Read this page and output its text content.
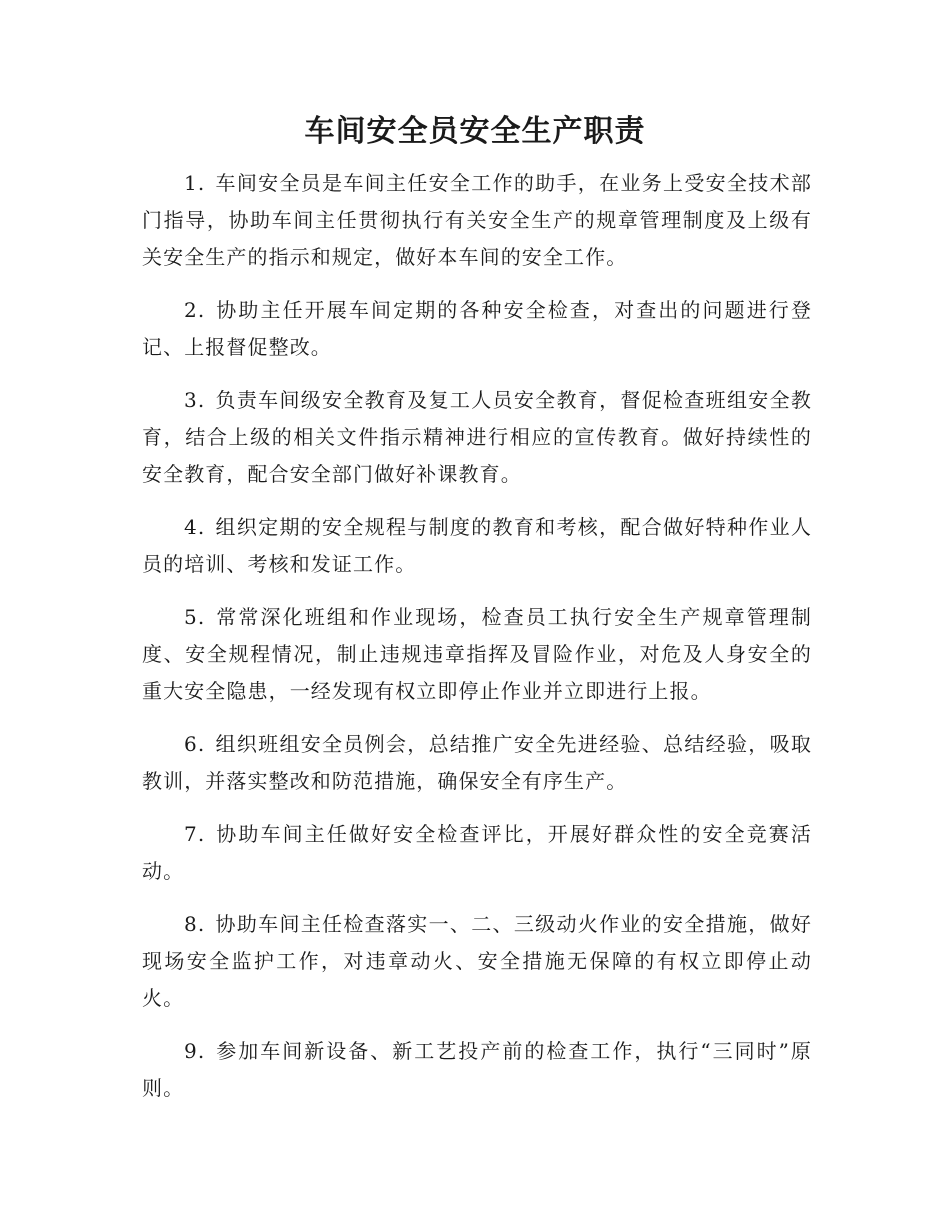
车间安全员安全生产职责

1. 车间安全员是车间主任安全工作的助手，在业务上受安全技术部门指导，协助车间主任贯彻执行有关安全生产的规章管理制度及上级有关安全生产的指示和规定，做好本车间的安全工作。

2. 协助主任开展车间定期的各种安全检查，对查出的问题进行登记、上报督促整改。

3. 负责车间级安全教育及复工人员安全教育，督促检查班组安全教育，结合上级的相关文件指示精神进行相应的宣传教育。做好持续性的安全教育，配合安全部门做好补课教育。

4. 组织定期的安全规程与制度的教育和考核，配合做好特种作业人员的培训、考核和发证工作。

5. 常常深化班组和作业现场，检查员工执行安全生产规章管理制度、安全规程情况，制止违规违章指挥及冒险作业，对危及人身安全的重大安全隐患，一经发现有权立即停止作业并立即进行上报。

6. 组织班组安全员例会，总结推广安全先进经验、总结经验，吸取教训，并落实整改和防范措施，确保安全有序生产。

7. 协助车间主任做好安全检查评比，开展好群众性的安全竞赛活动。

8. 协助车间主任检查落实一、二、三级动火作业的安全措施，做好现场安全监护工作，对违章动火、安全措施无保障的有权立即停止动火。

9. 参加车间新设备、新工艺投产前的检查工作，执行“三同时”原则。
